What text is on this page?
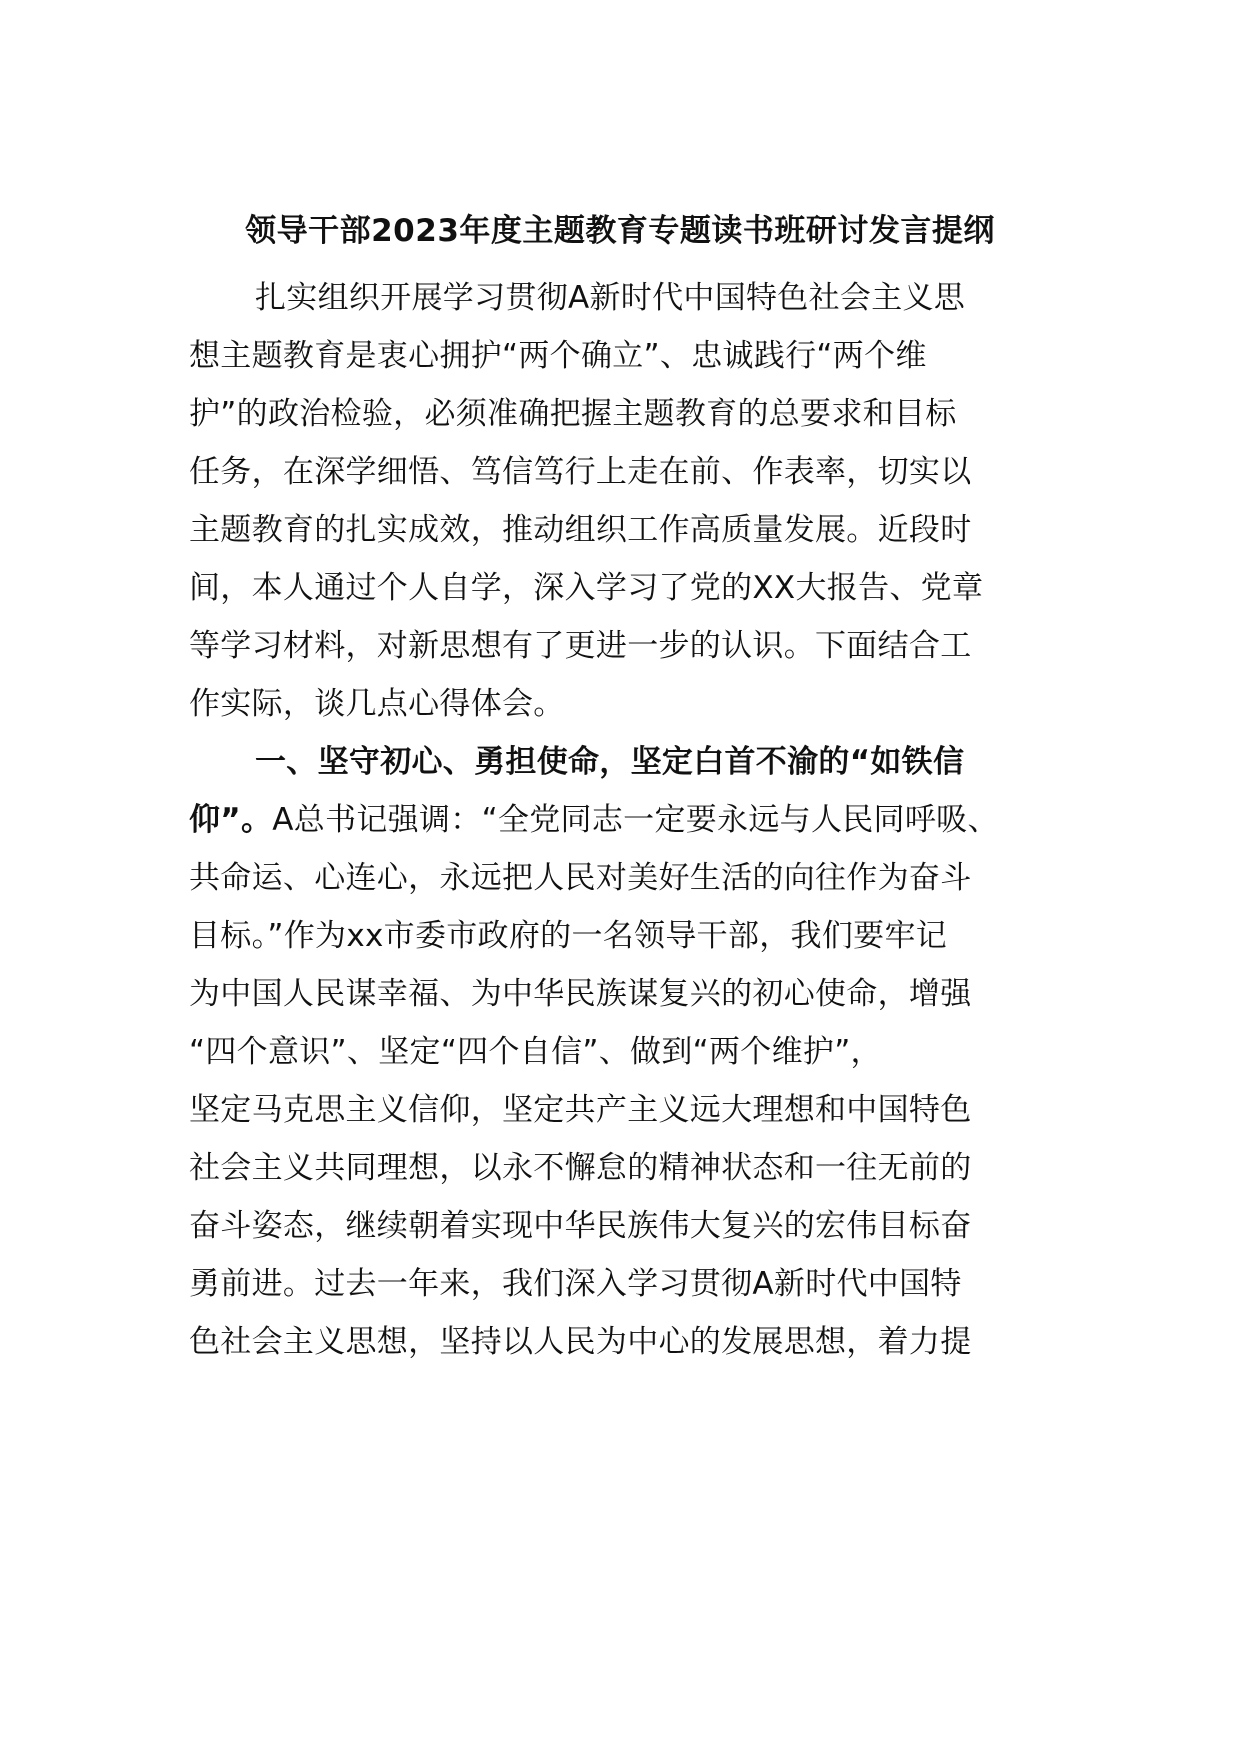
领导干部2023年度主题教育专题读书班研讨发言提纲
扎实组织开展学习贯彻A新时代中国特色社会主义思
想主题教育是衷心拥护“两个确立”、忠诚践行“两个维
护”的政治检验，必须准确把握主题教育的总要求和目标
任务，在深学细悟、笃信笃行上走在前、作表率，切实以
主题教育的扎实成效，推动组织工作高质量发展。近段时
间，本人通过个人自学，深入学习了党的XX大报告、党章
等学习材料，对新思想有了更进一步的认识。下面结合工
作实际，谈几点心得体会。
一、坚守初心、勇担使命，坚定白首不渝的“如铁信
仰”。A总书记强调：“全党同志一定要永远与人民同呼吸、
共命运、心连心，永远把人民对美好生活的向往作为奋斗
目标。”作为xx市委市政府的一名领导干部，我们要牢记
为中国人民谋幸福、为中华民族谋复兴的初心使命，增强
“四个意识”、坚定“四个自信”、做到“两个维护”，
坚定马克思主义信仰，坚定共产主义远大理想和中国特色
社会主义共同理想，以永不懈怠的精神状态和一往无前的
奋斗姿态，继续朝着实现中华民族伟大复兴的宏伟目标奋
勇前进。过去一年来，我们深入学习贯彻A新时代中国特
色社会主义思想，坚持以人民为中心的发展思想，着力提
